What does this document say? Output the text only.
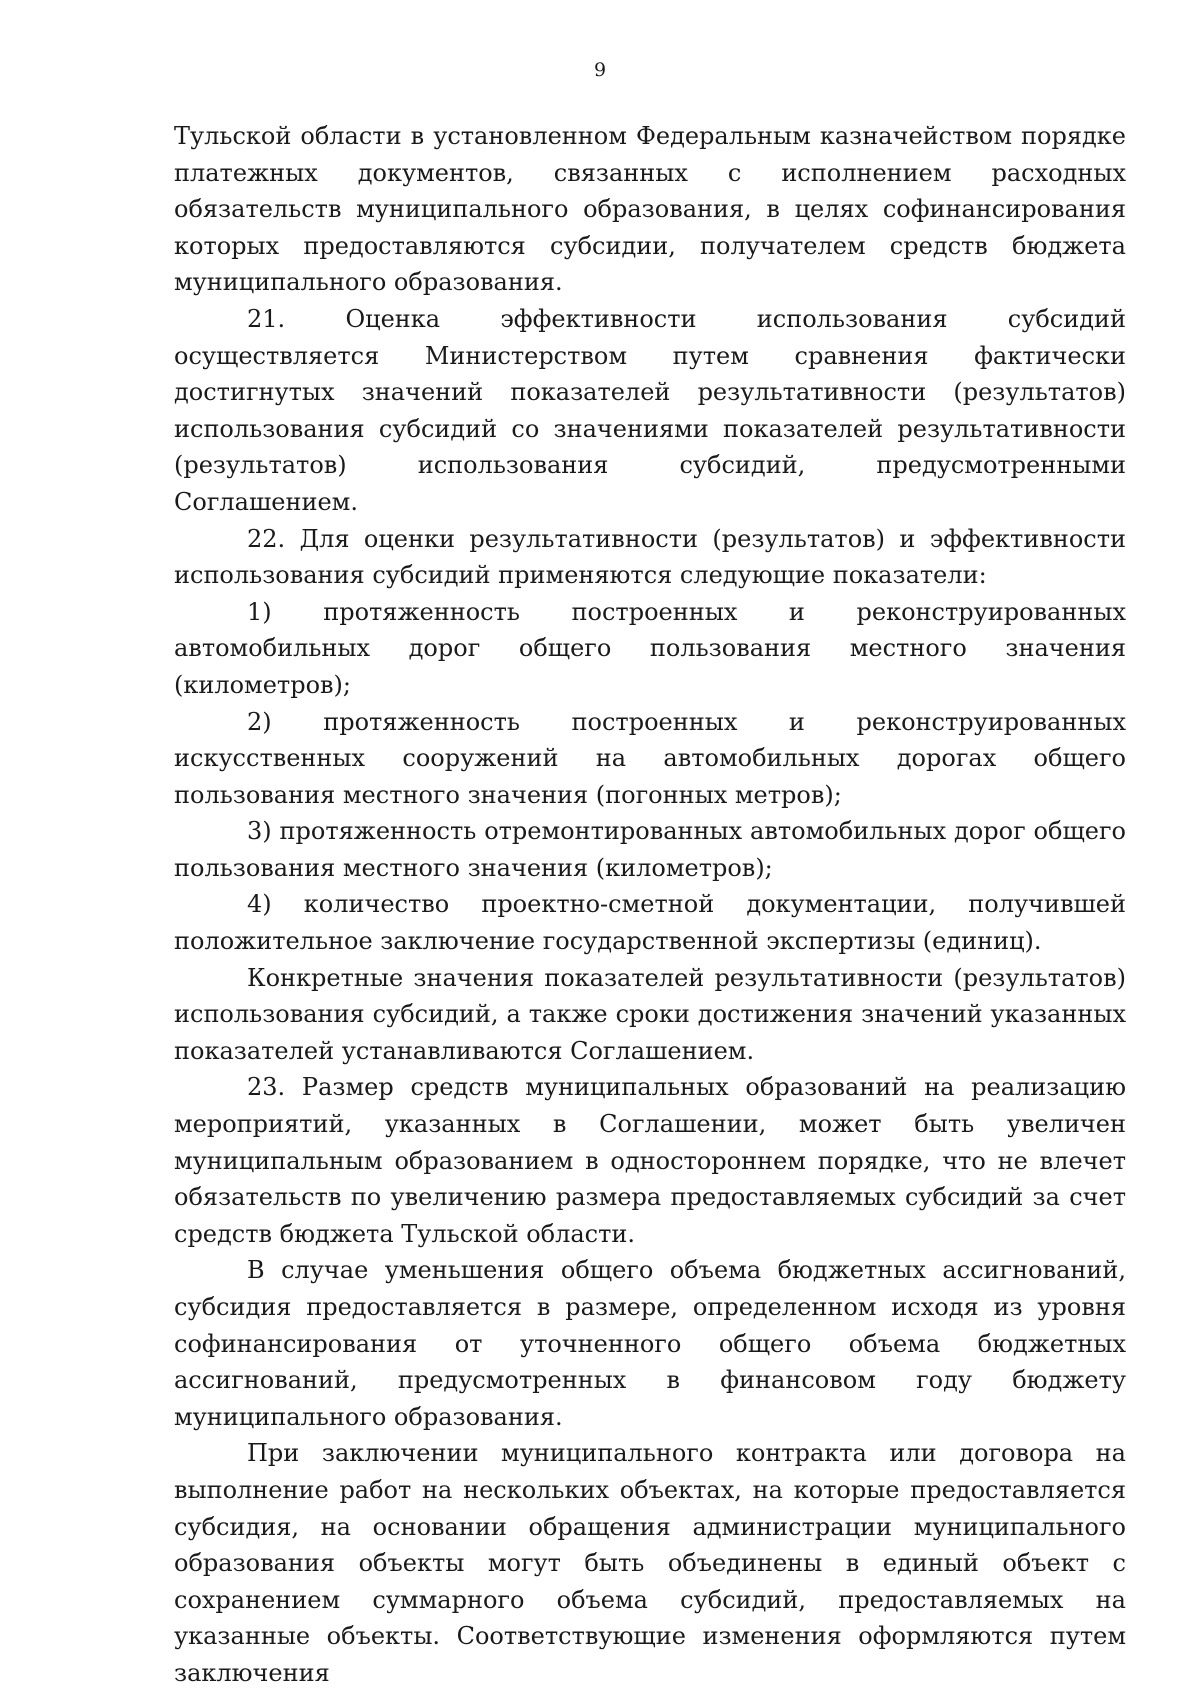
9

Тульской области в установленном Федеральным казначейством порядке платежных документов, связанных с исполнением расходных обязательств муниципального образования, в целях софинансирования которых предоставляются субсидии, получателем средств бюджета муниципального образования.

21. Оценка эффективности использования субсидий осуществляется Министерством путем сравнения фактически достигнутых значений показателей результативности (результатов) использования субсидий со значениями показателей результативности (результатов) использования субсидий, предусмотренными Соглашением.

22. Для оценки результативности (результатов) и эффективности использования субсидий применяются следующие показатели:

1) протяженность построенных и реконструированных автомобильных дорог общего пользования местного значения (километров);

2) протяженность построенных и реконструированных искусственных сооружений на автомобильных дорогах общего пользования местного значения (погонных метров);

3) протяженность отремонтированных автомобильных дорог общего пользования местного значения (километров);

4) количество проектно-сметной документации, получившей положительное заключение государственной экспертизы (единиц).

Конкретные значения показателей результативности (результатов) использования субсидий, а также сроки достижения значений указанных показателей устанавливаются Соглашением.

23. Размер средств муниципальных образований на реализацию мероприятий, указанных в Соглашении, может быть увеличен муниципальным образованием в одностороннем порядке, что не влечет обязательств по увеличению размера предоставляемых субсидий за счет средств бюджета Тульской области.

В случае уменьшения общего объема бюджетных ассигнований, субсидия предоставляется в размере, определенном исходя из уровня софинансирования от уточненного общего объема бюджетных ассигнований, предусмотренных в финансовом году бюджету муниципального образования.

При заключении муниципального контракта или договора на выполнение работ на нескольких объектах, на которые предоставляется субсидия, на основании обращения администрации муниципального образования объекты могут быть объединены в единый объект с сохранением суммарного объема субсидий, предоставляемых на указанные объекты. Соответствующие изменения оформляются путем заключения
